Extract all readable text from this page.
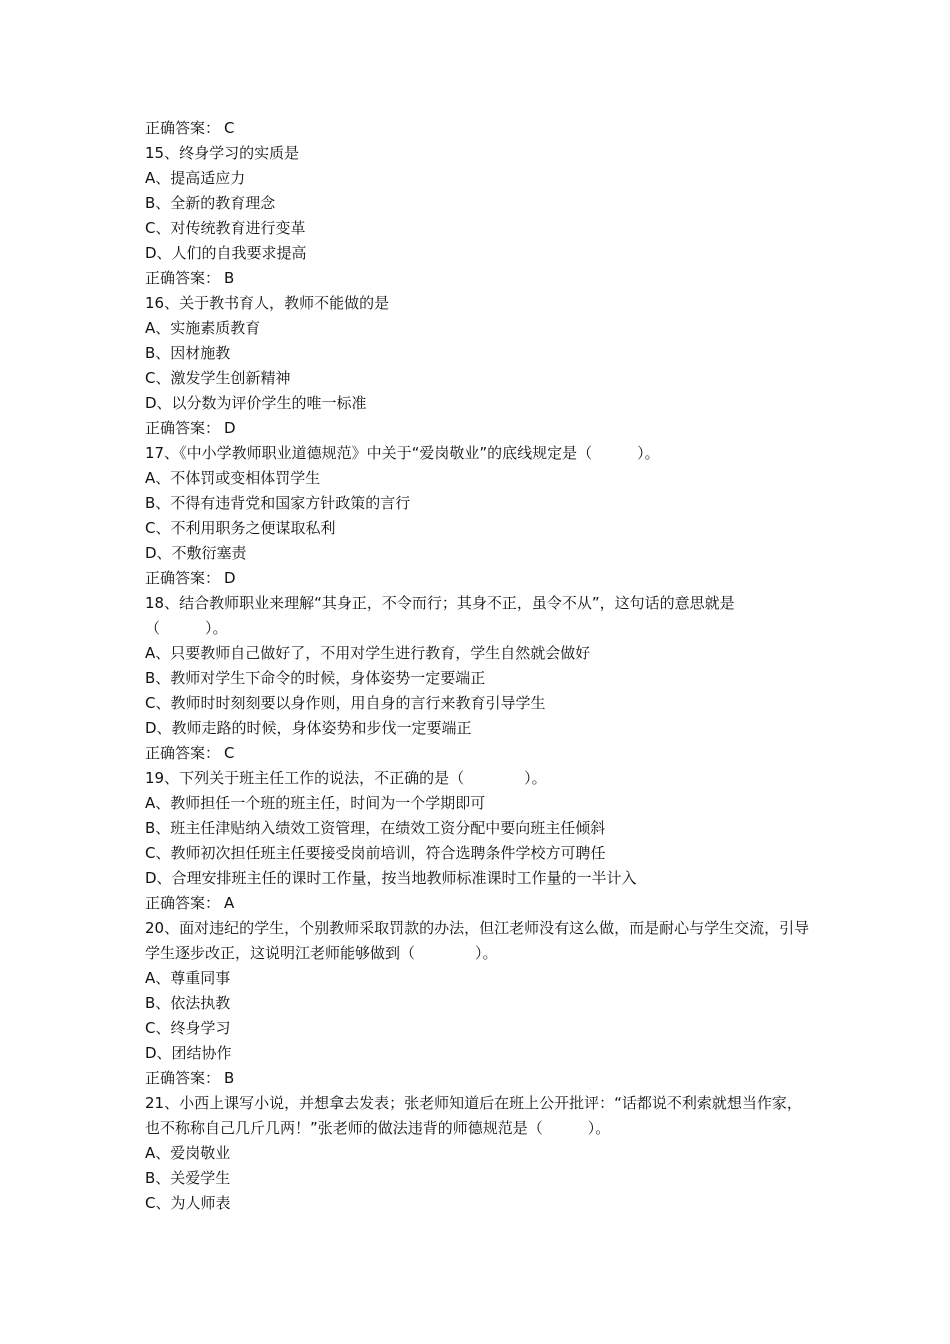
正确答案： C
15、终身学习的实质是
A、提高适应力
B、全新的教育理念
C、对传统教育进行变革
D、人们的自我要求提高
正确答案： B
16、关于教书育人，教师不能做的是
A、实施素质教育
B、因材施教
C、激发学生创新精神
D、以分数为评价学生的唯一标准
正确答案： D
17、《中小学教师职业道德规范》中关于“爱岗敬业”的底线规定是（　　　）。
A、不体罚或变相体罚学生
B、不得有违背党和国家方针政策的言行
C、不利用职务之便谋取私利
D、不敷衍塞责
正确答案： D
18、结合教师职业来理解“其身正，不令而行；其身不正，虽令不从”，这句话的意思就是（　　　）。
A、只要教师自己做好了，不用对学生进行教育，学生自然就会做好
B、教师对学生下命令的时候，身体姿势一定要端正
C、教师时时刻刻要以身作则，用自身的言行来教育引导学生
D、教师走路的时候，身体姿势和步伐一定要端正
正确答案： C
19、下列关于班主任工作的说法，不正确的是（　　　　）。
A、教师担任一个班的班主任，时间为一个学期即可
B、班主任津贴纳入绩效工资管理，在绩效工资分配中要向班主任倾斜
C、教师初次担任班主任要接受岗前培训，符合选聘条件学校方可聘任
D、合理安排班主任的课时工作量，按当地教师标准课时工作量的一半计入
正确答案： A
20、面对违纪的学生，个别教师采取罚款的办法，但江老师没有这么做，而是耐心与学生交流，引导学生逐步改正，这说明江老师能够做到（　　　　）。
A、尊重同事
B、依法执教
C、终身学习
D、团结协作
正确答案： B
21、小西上课写小说，并想拿去发表；张老师知道后在班上公开批评：“话都说不利索就想当作家，也不称称自己几斤几两！”张老师的做法违背的师德规范是（　　　）。
A、爱岗敬业
B、关爱学生
C、为人师表
